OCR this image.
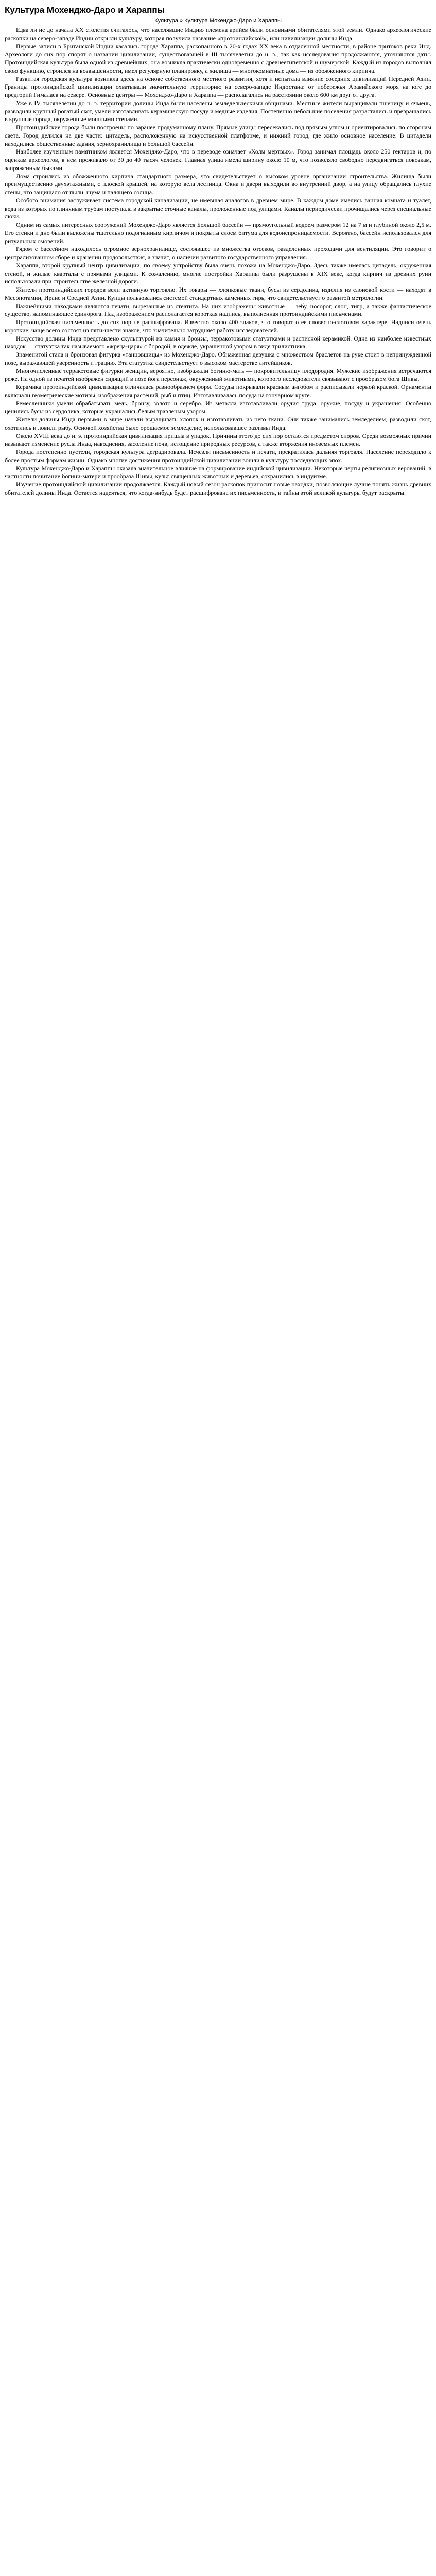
Культура Мохенджо-Даро и Хараппы
Культура » Культура Мохенджо-Даро и Хараппы

Едва ли не до начала XX столетия считалось, что населявшие Индию племена арийев были основными обитателями этой земли. Однако археологические раскопки на северо-западе Индии открыли культуру, которая получила название «протоиндийской», или цивилизации долины Инда.

Первые записи в Британской Индии касались города Хараппа, раскопанного в 20-х годах XX века в отдаленной местности, в районе притоков реки Инд. Археологи до сих пор спорят о названии цивилизации, существовавшей в III тысячелетии до н. э., так как исследования продолжаются, уточняются даты. Протоиндийская культура была одной из древнейших, она возникла практически одновременно с древнеегипетской и шумерской. Каждый из городов выполнял свою функцию, строился на возвышенности, имел регулярную планировку, а жилища — многокомнатные дома — из обожженного кирпича.

Развитая городская культура возникла здесь на основе собственного местного развития, хотя и испытала влияние соседних цивилизаций Передней Азии. Границы протоиндийской цивилизации охватывали значительную территорию на северо-западе Индостана: от побережья Аравийского моря на юге до предгорий Гималаев на севере. Основные центры — Мохенджо-Даро и Хараппа — располагались на расстоянии около 600 км друг от друга.

Уже в IV тысячелетии до н. э. территории долины Инда были населены земледельческими общинами. Местные жители выращивали пшеницу и ячмень, разводили крупный рогатый скот, умели изготавливать керамическую посуду и медные изделия. Постепенно небольшие поселения разрастались и превращались в крупные города, окруженные мощными стенами.

Протоиндийские города были построены по заранее продуманному плану. Прямые улицы пересекались под прямым углом и ориентировались по сторонам света. Город делился на две части: цитадель, расположенную на искусственной платформе, и нижний город, где жило основное население. В цитадели находились общественные здания, зернохранилища и большой бассейн.

Наиболее изученным памятником является Мохенджо-Даро, что в переводе означает «Холм мертвых». Город занимал площадь около 250 гектаров и, по оценкам археологов, в нем проживало от 30 до 40 тысяч человек. Главная улица имела ширину около 10 м, что позволяло свободно передвигаться повозкам, запряженным быками.

Дома строились из обожженного кирпича стандартного размера, что свидетельствует о высоком уровне организации строительства. Жилища были преимущественно двухэтажными, с плоской крышей, на которую вела лестница. Окна и двери выходили во внутренний двор, а на улицу обращались глухие стены, что защищало от пыли, шума и палящего солнца.

Особого внимания заслуживает система городской канализации, не имевшая аналогов в древнем мире. В каждом доме имелись ванная комната и туалет, вода из которых по глиняным трубам поступала в закрытые сточные каналы, проложенные под улицами. Каналы периодически прочищались через специальные люки.

Одним из самых интересных сооружений Мохенджо-Даро является Большой бассейн — прямоугольный водоем размером 12 на 7 м и глубиной около 2,5 м. Его стенки и дно были выложены тщательно подогнанным кирпичом и покрыты слоем битума для водонепроницаемости. Вероятно, бассейн использовался для ритуальных омовений.

Рядом с бассейном находилось огромное зернохранилище, состоявшее из множества отсеков, разделенных проходами для вентиляции. Это говорит о централизованном сборе и хранении продовольствия, а значит, о наличии развитого государственного управления.

Хараппа, второй крупный центр цивилизации, по своему устройству была очень похожа на Мохенджо-Даро. Здесь также имелась цитадель, окруженная стеной, и жилые кварталы с прямыми улицами. К сожалению, многие постройки Хараппы были разрушены в XIX веке, когда кирпич из древних руин использовали при строительстве железной дороги.

Жители протоиндийских городов вели активную торговлю. Их товары — хлопковые ткани, бусы из сердолика, изделия из слоновой кости — находят в Месопотамии, Иране и Средней Азии. Купцы пользовались системой стандартных каменных гирь, что свидетельствует о развитой метрологии.

Важнейшими находками являются печати, вырезанные из стеатита. На них изображены животные — зебу, носорог, слон, тигр, а также фантастическое существо, напоминающее единорога. Над изображением располагается короткая надпись, выполненная протоиндийскими письменами.

Протоиндийская письменность до сих пор не расшифрована. Известно около 400 знаков, что говорит о ее словесно-слоговом характере. Надписи очень короткие, чаще всего состоят из пяти-шести знаков, что значительно затрудняет работу исследователей.

Искусство долины Инда представлено скульптурой из камня и бронзы, терракотовыми статуэтками и расписной керамикой. Одна из наиболее известных находок — статуэтка так называемого «жреца-царя» с бородой, в одежде, украшенной узором в виде трилистника.

Знаменитой стала и бронзовая фигурка «танцовщицы» из Мохенджо-Даро. Обнаженная девушка с множеством браслетов на руке стоит в непринужденной позе, выражающей уверенность и грацию. Эта статуэтка свидетельствует о высоком мастерстве литейщиков.

Многочисленные терракотовые фигурки женщин, вероятно, изображали богиню-мать — покровительницу плодородия. Мужские изображения встречаются реже. На одной из печатей изображен сидящий в позе йога персонаж, окруженный животными, которого исследователи связывают с прообразом бога Шивы.

Керамика протоиндийской цивилизации отличалась разнообразием форм. Сосуды покрывали красным ангобом и расписывали черной краской. Орнаменты включали геометрические мотивы, изображения растений, рыб и птиц. Изготавливалась посуда на гончарном круге.

Ремесленники умели обрабатывать медь, бронзу, золото и серебро. Из металла изготавливали орудия труда, оружие, посуду и украшения. Особенно ценились бусы из сердолика, которые украшались белым травленым узором.

Жители долины Инда первыми в мире начали выращивать хлопок и изготавливать из него ткани. Они также занимались земледелием, разводили скот, охотились и ловили рыбу. Основой хозяйства было орошаемое земледелие, использовавшее разливы Инда.

Около XVIII века до н. э. протоиндийская цивилизация пришла в упадок. Причины этого до сих пор остаются предметом споров. Среди возможных причин называют изменение русла Инда, наводнения, засоление почв, истощение природных ресурсов, а также вторжения иноземных племен.

Города постепенно пустели, городская культура деградировала. Исчезли письменность и печати, прекратилась дальняя торговля. Население переходило к более простым формам жизни. Однако многие достижения протоиндийской цивилизации вошли в культуру последующих эпох.

Культура Мохенджо-Даро и Хараппы оказала значительное влияние на формирование индийской цивилизации. Некоторые черты религиозных верований, в частности почитание богини-матери и прообраза Шивы, культ священных животных и деревьев, сохранились в индуизме.

Изучение протоиндийской цивилизации продолжается. Каждый новый сезон раскопок приносит новые находки, позволяющие лучше понять жизнь древних обитателей долины Инда. Остается надеяться, что когда-нибудь будет расшифрована их письменность, и тайны этой великой культуры будут раскрыты.
